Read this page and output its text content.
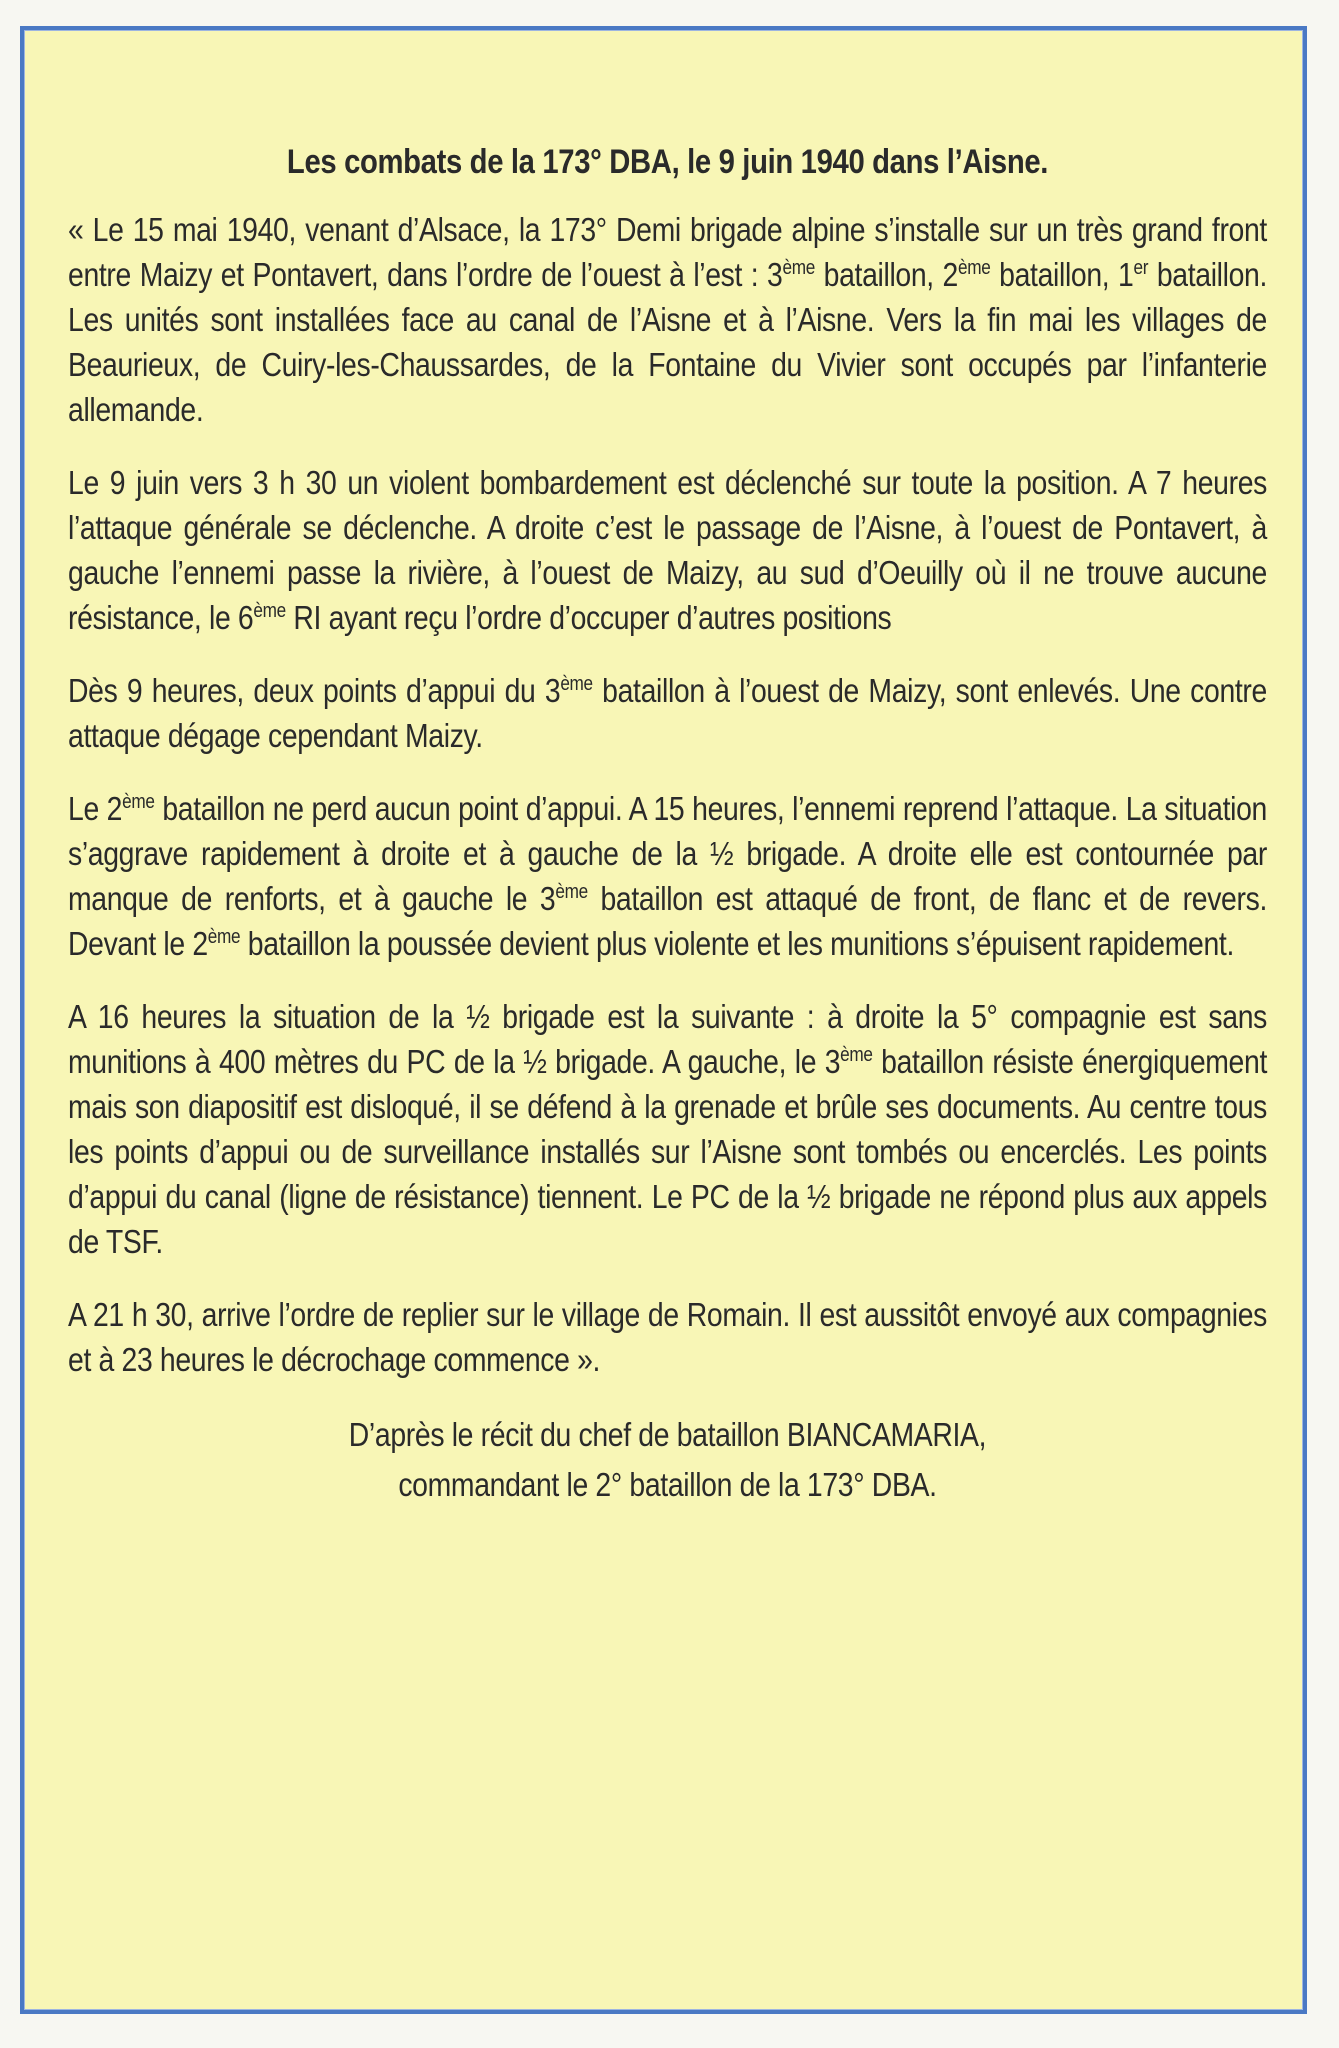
Les combats de la 173° DBA, le 9 juin 1940 dans l’Aisne.
« Le 15 mai 1940, venant d’Alsace, la 173° Demi brigade alpine s’installe sur un très grand front entre Maizy et Pontavert, dans l’ordre de l’ouest à l’est : 3ème bataillon, 2ème bataillon, 1er bataillon. Les unités sont installées face au canal de l’Aisne et à l’Aisne. Vers la fin mai les villages de Beaurieux, de Cuiry-les-Chaussardes, de la Fontaine du Vivier sont occupés par l’infanterie allemande.
Le 9 juin vers 3 h 30 un violent bombardement est déclenché sur toute la position. A 7 heures l’attaque générale se déclenche. A droite c’est le passage de l’Aisne, à l’ouest de Pontavert, à gauche l’ennemi passe la rivière, à l’ouest de Maizy, au sud d’Oeuilly où il ne trouve aucune résistance, le 6ème RI ayant reçu l’ordre d’occuper d’autres positions
Dès 9 heures, deux points d’appui du 3ème bataillon à l’ouest de Maizy, sont enlevés. Une contre attaque dégage cependant Maizy.
Le 2ème bataillon ne perd aucun point d’appui. A 15 heures, l’ennemi reprend l’attaque. La situation s’aggrave rapidement à droite et à gauche de la ½ brigade. A droite elle est contournée par manque de renforts, et à gauche le 3ème bataillon est attaqué de front, de flanc et de revers. Devant le 2ème bataillon la poussée devient plus violente et les munitions s’épuisent rapidement.
A 16 heures la situation de la ½ brigade est la suivante : à droite la 5° compagnie est sans munitions à 400 mètres du PC de la ½ brigade. A gauche, le 3ème bataillon résiste énergiquement mais son diapositif est disloqué, il se défend à la grenade et brûle ses documents. Au centre tous les points d’appui ou de surveillance installés sur l’Aisne sont tombés ou encerclés. Les points d’appui du canal (ligne de résistance) tiennent. Le PC de la ½ brigade ne répond plus aux appels de TSF.
A 21 h 30, arrive l’ordre de replier sur le village de Romain. Il est aussitôt envoyé aux compagnies et à 23 heures le décrochage commence ».
D’après le récit du chef de bataillon BIANCAMARIA,
commandant le 2° bataillon de la 173° DBA.
